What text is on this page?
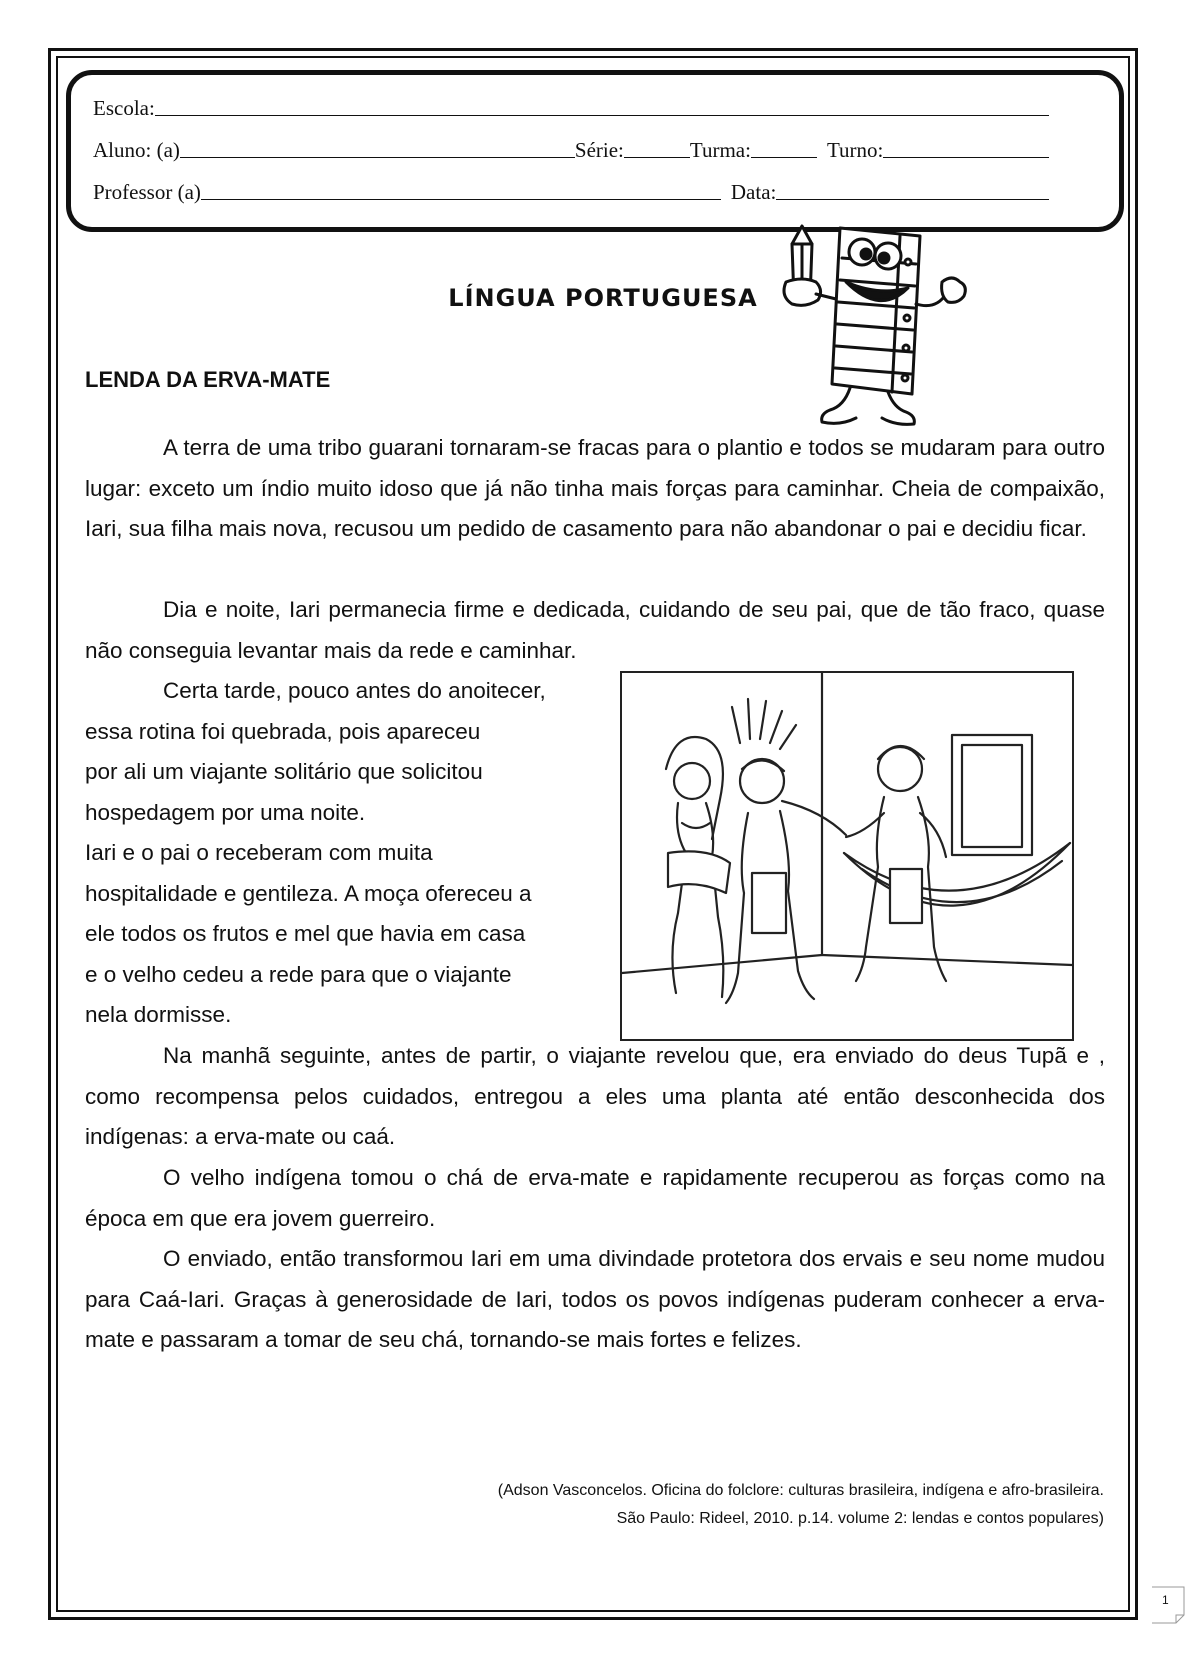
Escola:
Aluno: (a)	Série:	Turma:	Turno:
Professor (a)	Data:
LÍNGUA PORTUGUESA
LENDA DA ERVA-MATE

A terra de uma tribo guarani tornaram-se fracas para o plantio e todos se mudaram para outro lugar: exceto um índio muito idoso que já não tinha mais forças para caminhar. Cheia de compaixão, Iari, sua filha mais nova, recusou um pedido de casamento para não abandonar o pai e decidiu ficar.

Dia e noite, Iari permanecia firme e dedicada, cuidando de seu pai, que de tão fraco, quase não conseguia levantar mais da rede e caminhar.

Certa tarde, pouco antes do anoitecer,
essa rotina foi quebrada, pois apareceu
por ali um viajante solitário que solicitou
hospedagem por uma noite.
Iari e o pai o receberam com muita
hospitalidade e gentileza. A moça ofereceu a
ele todos os frutos e mel que havia em casa
e o velho cedeu a rede para que o viajante
nela dormisse.

Na manhã seguinte, antes de partir, o viajante revelou que, era enviado do deus Tupã e , como recompensa pelos cuidados, entregou a eles uma planta até então desconhecida dos indígenas: a erva-mate ou caá.

O velho indígena tomou o chá de erva-mate e rapidamente recuperou as forças como na época em que era jovem guerreiro.

O enviado, então transformou Iari em uma divindade protetora dos ervais e seu nome mudou para Caá-Iari. Graças à generosidade de Iari, todos os povos indígenas puderam conhecer a erva-mate e passaram a tomar de seu chá, tornando-se mais fortes e felizes.

(Adson Vasconcelos. Oficina do folclore: culturas brasileira, indígena e afro-brasileira.
São Paulo: Rideel, 2010. p.14. volume 2: lendas e contos populares)
1
